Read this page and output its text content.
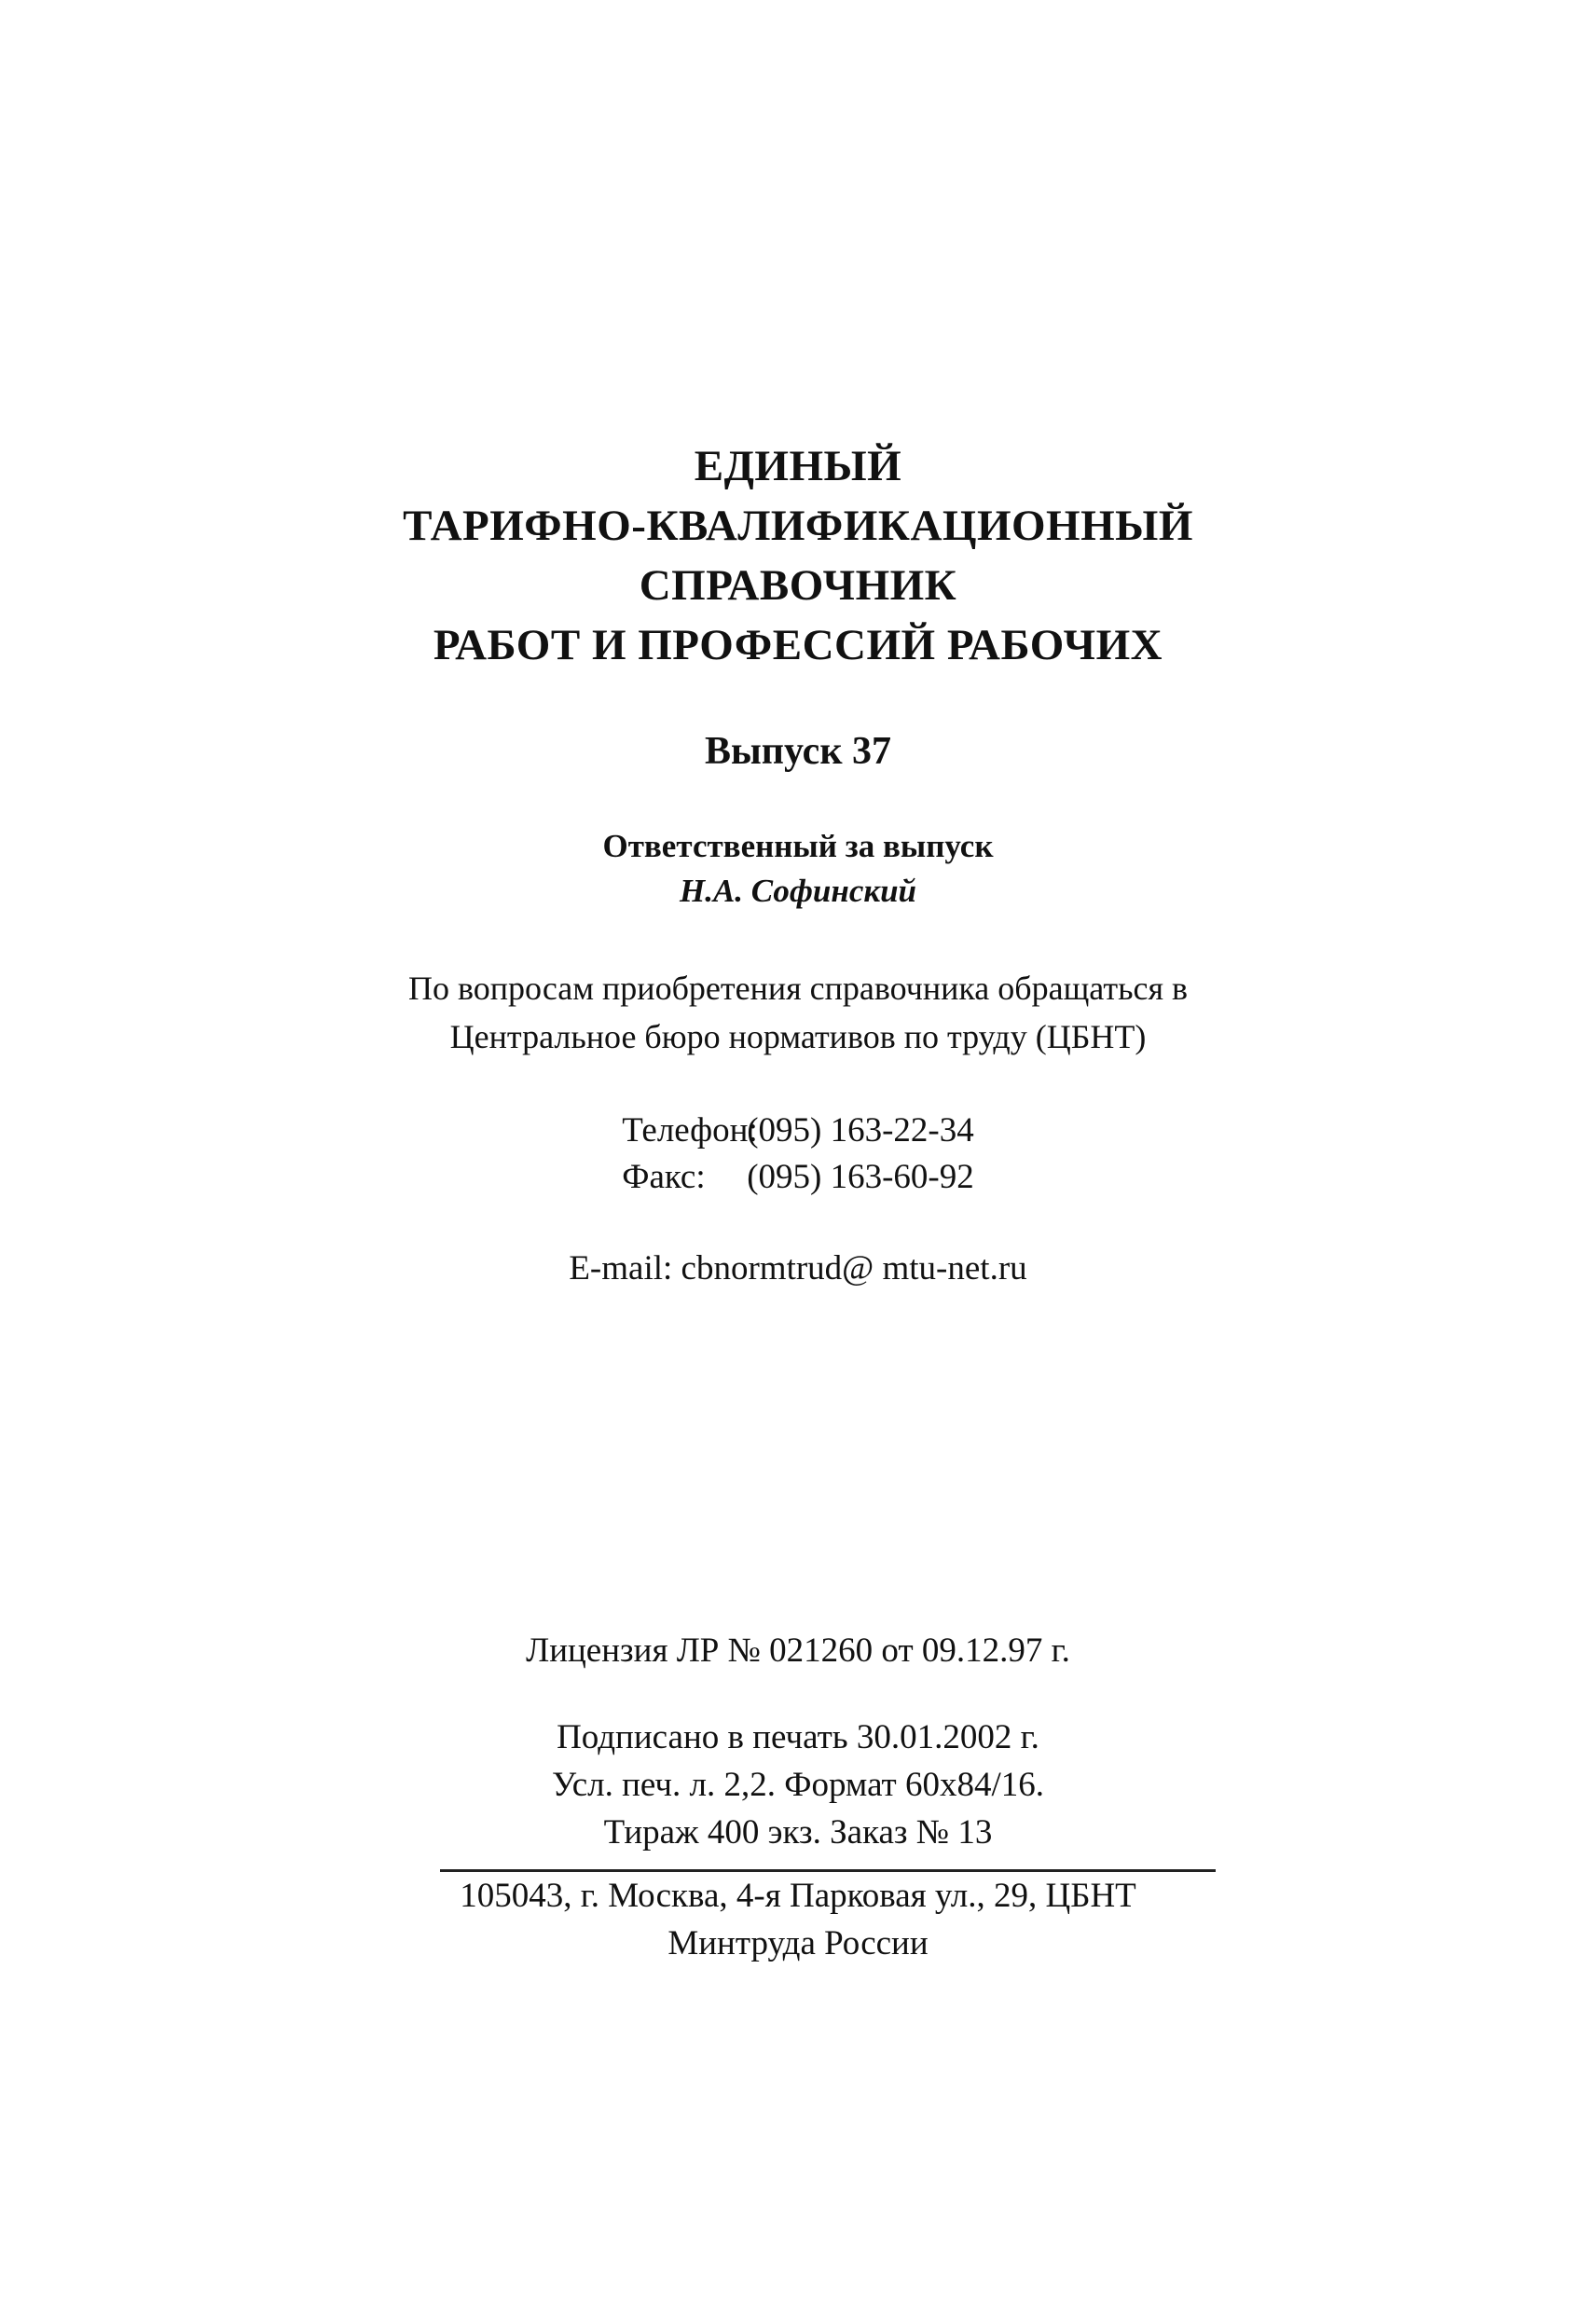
ЕДИНЫЙ
ТАРИФНО-КВАЛИФИКАЦИОННЫЙ
СПРАВОЧНИК
РАБОТ И ПРОФЕССИЙ РАБОЧИХ
Выпуск 37
Ответственный за выпуск
Н.А. Софинский
По вопросам приобретения справочника обращаться в
Центральное бюро нормативов по труду (ЦБНТ)
Телефон:
(095) 163-22-34
Факс:	(095) 163-60-92
E-mail: cbnormtrud@ mtu-net.ru
Лицензия ЛР № 021260 от 09.12.97 г.
Подписано в печать 30.01.2002 г.
Усл. печ. л. 2,2. Формат 60х84/16.
Тираж 400 экз. Заказ № 13
105043, г. Москва, 4-я Парковая ул., 29, ЦБНТ
Минтруда России
